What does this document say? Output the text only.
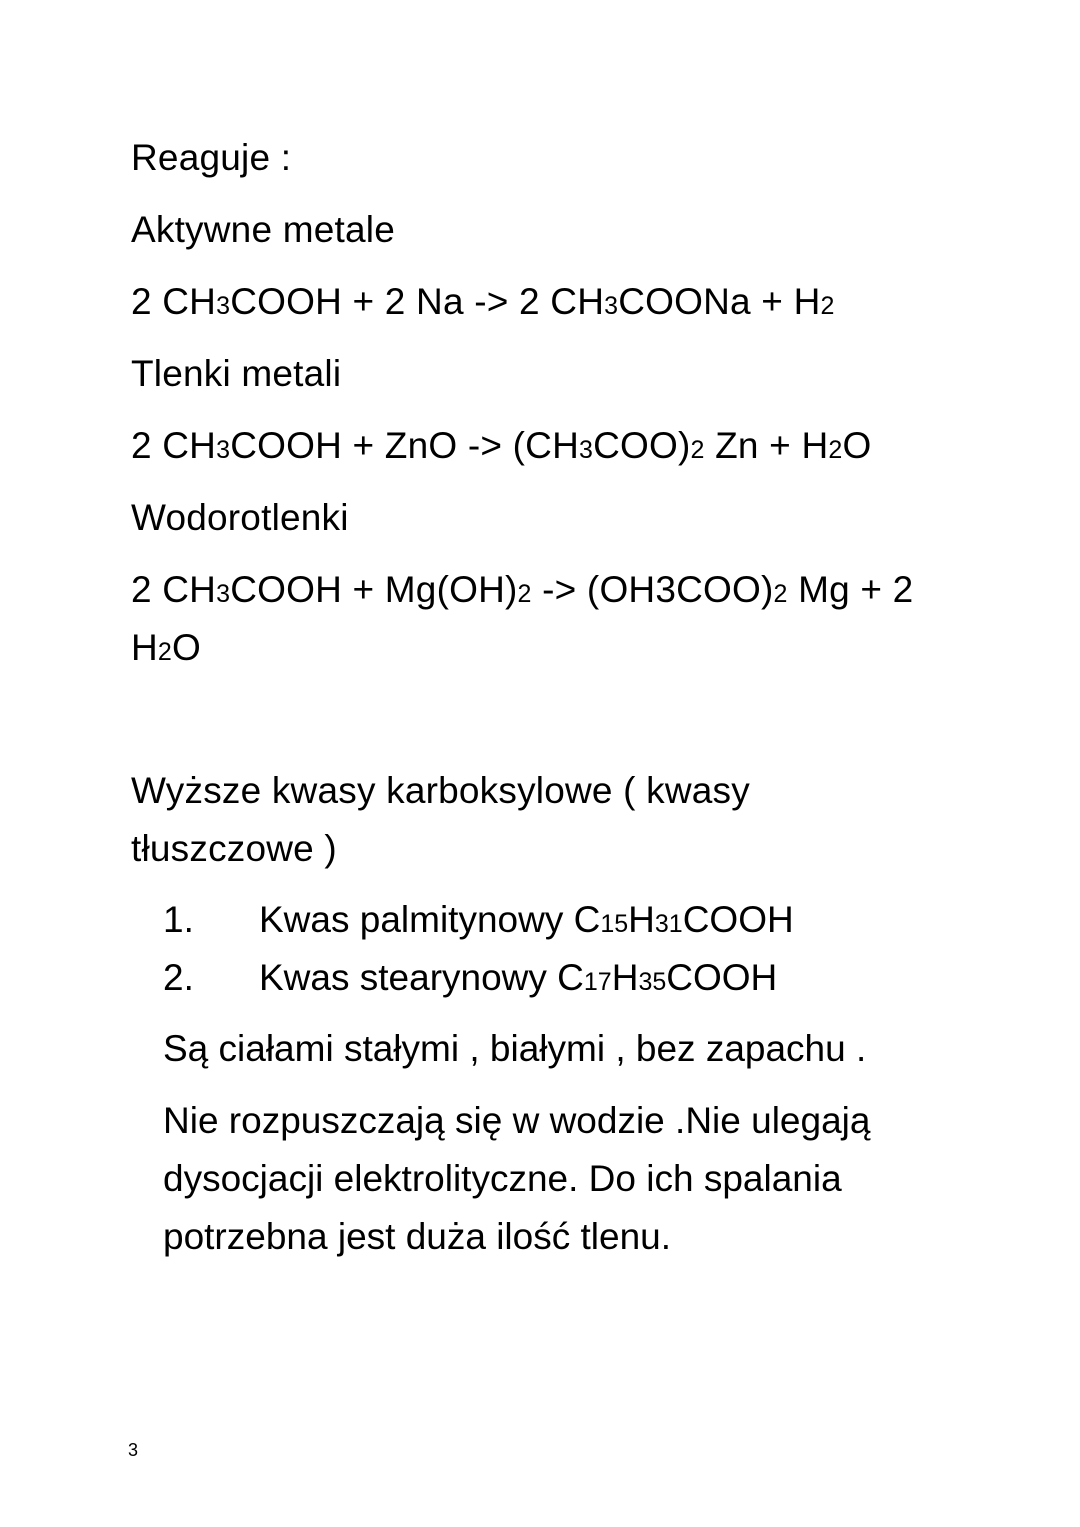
Reaguje :
Aktywne metale
2 CH3COOH + 2 Na -> 2 CH3COONa + H2
Tlenki metali
2 CH3COOH + ZnO -> (CH3COO)2 Zn + H2O
Wodorotlenki
2 CH3COOH + Mg(OH)2 -> (OH3COO)2 Mg + 2
H2O
Wyższe kwasy karboksylowe ( kwasy
tłuszczowe )
1. Kwas palmitynowy C15H31COOH
2. Kwas stearynowy C17H35COOH
Są ciałami stałymi , białymi , bez zapachu .
Nie rozpuszczają się w wodzie .Nie ulegają
dysocjacji elektrolityczne. Do ich spalania
potrzebna jest duża ilość tlenu.
3
